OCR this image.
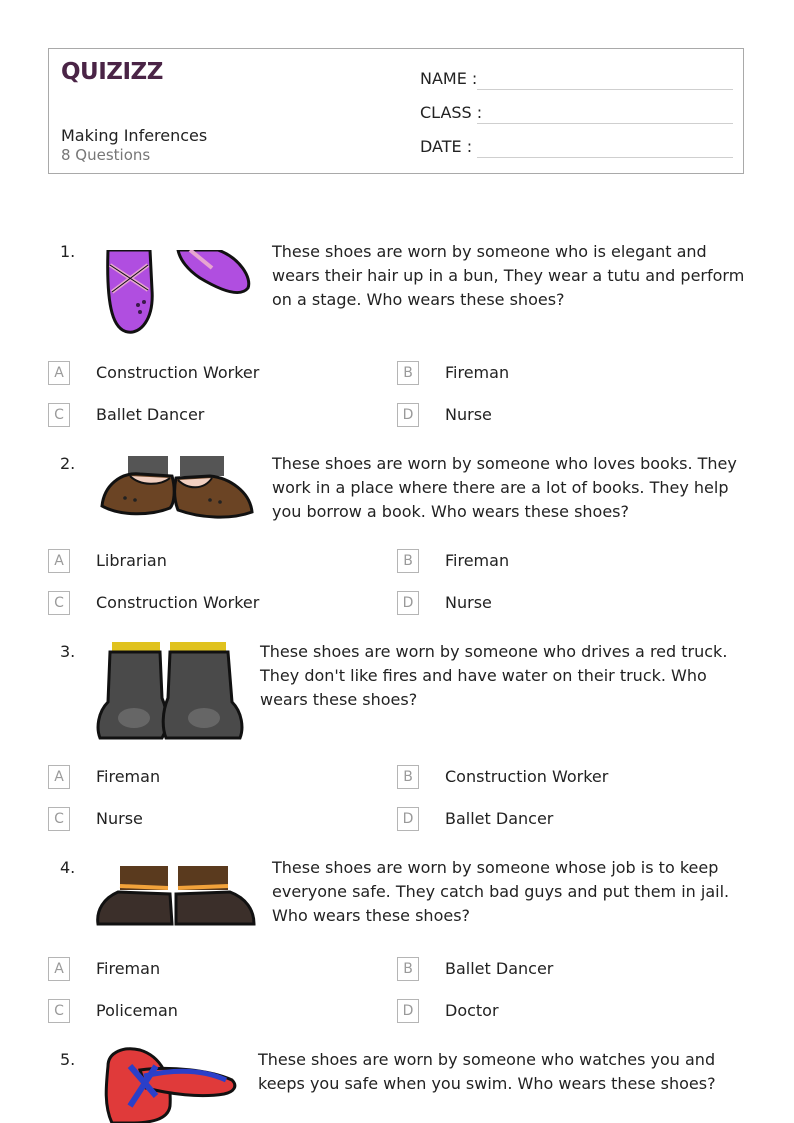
QUIZIZZ
Making Inferences
8 Questions
NAME :
CLASS :
DATE :
1.	These shoes are worn by someone who is elegant and wears their hair up in a bun, They wear a tutu and perform on a stage. Who wears these shoes?
A	Construction Worker	B	Fireman
C	Ballet Dancer	D	Nurse
2.	These shoes are worn by someone who loves books. They work in a place where there are a lot of books. They help you borrow a book. Who wears these shoes?
A	Librarian	B	Fireman
C	Construction Worker	D	Nurse
3.	These shoes are worn by someone who drives a red truck. They don't like fires and have water on their truck. Who wears these shoes?
A	Fireman	B	Construction Worker
C	Nurse	D	Ballet Dancer
4.	These shoes are worn by someone whose job is to keep everyone safe. They catch bad guys and put them in jail. Who wears these shoes?
A	Fireman	B	Ballet Dancer
C	Policeman	D	Doctor
5.	These shoes are worn by someone who watches you and keeps you safe when you swim. Who wears these shoes?
